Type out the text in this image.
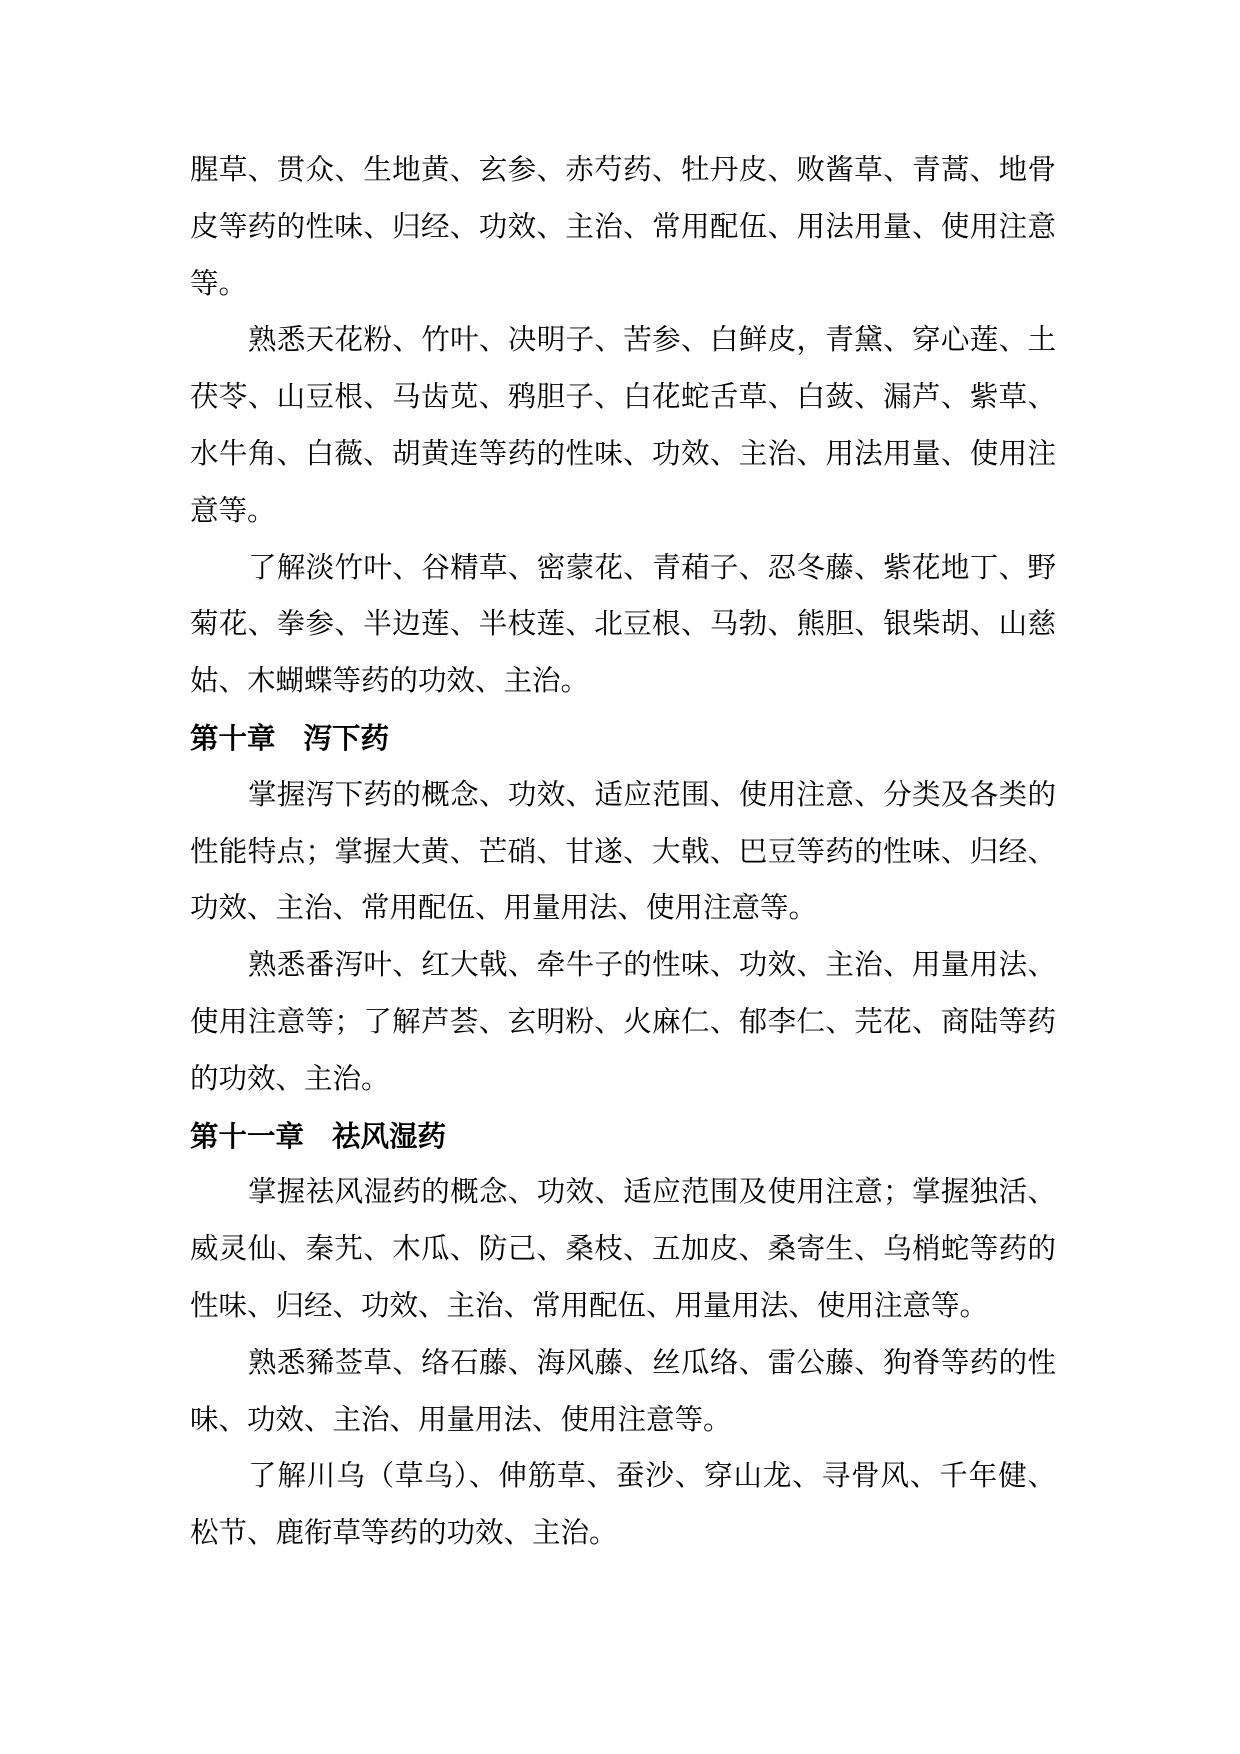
腥草、贯众、生地黄、玄参、赤芍药、牡丹皮、败酱草、青蒿、地骨
皮等药的性味、归经、功效、主治、常用配伍、用法用量、使用注意
等。
熟悉天花粉、竹叶、决明子、苦参、白鲜皮，青黛、穿心莲、土
茯苓、山豆根、马齿苋、鸦胆子、白花蛇舌草、白蔹、漏芦、紫草、
水牛角、白薇、胡黄连等药的性味、功效、主治、用法用量、使用注
意等。
了解淡竹叶、谷精草、密蒙花、青葙子、忍冬藤、紫花地丁、野
菊花、拳参、半边莲、半枝莲、北豆根、马勃、熊胆、银柴胡、山慈
姑、木蝴蝶等药的功效、主治。
第十章 泻下药
掌握泻下药的概念、功效、适应范围、使用注意、分类及各类的
性能特点；掌握大黄、芒硝、甘遂、大戟、巴豆等药的性味、归经、
功效、主治、常用配伍、用量用法、使用注意等。
熟悉番泻叶、红大戟、牵牛子的性味、功效、主治、用量用法、
使用注意等；了解芦荟、玄明粉、火麻仁、郁李仁、芫花、商陆等药
的功效、主治。
第十一章 祛风湿药
掌握祛风湿药的概念、功效、适应范围及使用注意；掌握独活、
威灵仙、秦艽、木瓜、防己、桑枝、五加皮、桑寄生、乌梢蛇等药的
性味、归经、功效、主治、常用配伍、用量用法、使用注意等。
熟悉豨莶草、络石藤、海风藤、丝瓜络、雷公藤、狗脊等药的性
味、功效、主治、用量用法、使用注意等。
了解川乌（草乌）、伸筋草、蚕沙、穿山龙、寻骨风、千年健、
松节、鹿衔草等药的功效、主治。
